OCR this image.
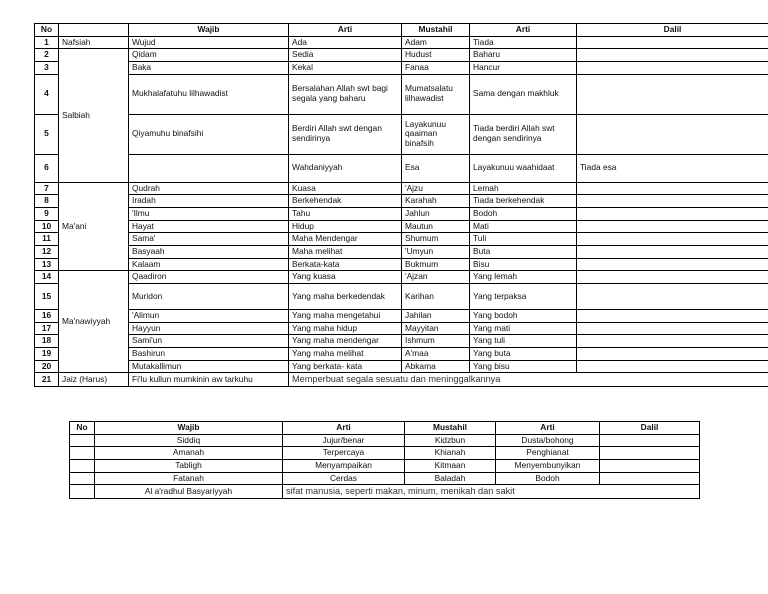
No		Wajib	Arti	Mustahil	Arti	Dalil	
1	Nafsiah	Wujud	Ada	Adam	Tiada		
2	Salbiah	Qidam	Sedia	Hudust	Baharu		
3		Baka	Kekal	Fanaa	Hancur		
4		Mukhalafatuhu lilhawadist	Bersalahan Allah swt bagi segala yang baharu	Mumatsalatu lilhawadist	Sama dengan makhluk		
5		Qiyamuhu binafsihi	Berdiri Allah swt dengan sendirinya	Layakunuu qaaiman binafsih	Tiada berdiri Allah swt dengan sendirinya		
6			Wahdaniyyah	Esa	Layakunuu waahidaat	Tiada esa	
7	Ma'ani	Qudrah	Kuasa	'Ajzu	Lemah		
8		Iradah	Berkehendak	Karahah	Tiada berkehendak		
9		'Ilmu	Tahu	Jahlun	Bodoh		
10		Hayat	Hidup	Mautun	Mati		
11		Sama'	Maha Mendengar	Shumum	Tuli		
12		Basyaah	Maha melihat	'Umyun	Buta		
13		Kalaam	Berkata-kata	Bukmum	Bisu		
14	Ma'nawiyyah	Qaadiron	Yang kuasa	'Ajzan	Yang lemah		
15		Muridon	Yang maha berkedendak	Karihan	Yang terpaksa		
16		'Alimun	Yang maha mengetahui	Jahilan	Yang bodoh		
17		Hayyun	Yang maha hidup	Mayyitan	Yang mati		
18		Sami'un	Yang maha mendengar	Ishmum	Yang tuli		
19		Bashirun	Yang maha melihat	A'maa	Yang buta		
20		Mutakallimun	Yang berkata- kata	Abkama	Yang bisu		
21	Jaiz (Harus)	Fi'lu kullun mumkinin aw tarkuhu	Memperbuat segala sesuatu dan meninggalkannya				
No	Wajib	Arti	Mustahil	Arti	Dalil
	Siddiq	Jujur/benar	Kidzbun	Dusta/bohong	
	Amanah	Terpercaya	Khianah	Penghianat	
	Tabligh	Menyampaikan	Kitmaan	Menyembunyikan	
	Fatanah	Cerdas	Baladah	Bodoh	
	Al a'radhul Basyariyyah	sifat manusia, seperti makan, minum, menikah dan sakit			
